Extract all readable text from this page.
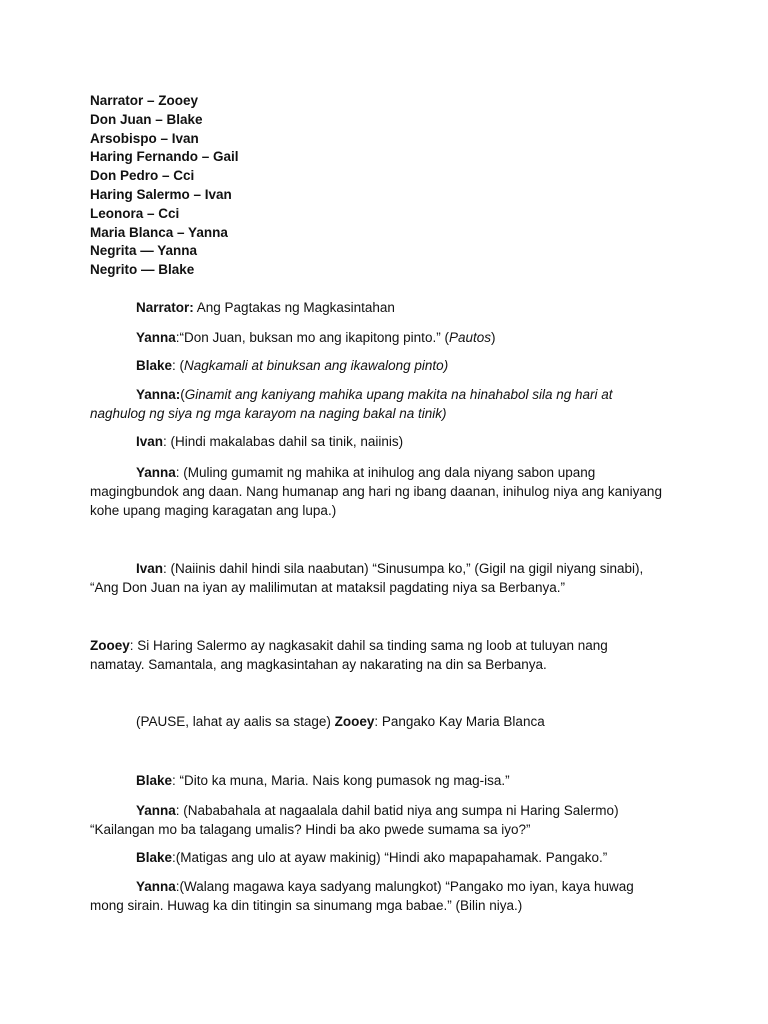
Narrator – Zooey
Don Juan – Blake
Arsobispo – Ivan
Haring Fernando – Gail
Don Pedro – Cci
Haring Salermo – Ivan
Leonora – Cci
Maria Blanca – Yanna
Negrita — Yanna
Negrito — Blake

Narrator: Ang Pagtakas ng Magkasintahan

Yanna:“Don Juan, buksan mo ang ikapitong pinto.” (Pautos)

Blake: (Nagkamali at binuksan ang ikawalong pinto)

Yanna:(Ginamit ang kaniyang mahika upang makita na hinahabol sila ng hari at
naghulog ng siya ng mga karayom na naging bakal na tinik)

Ivan: (Hindi makalabas dahil sa tinik, naiinis)

Yanna: (Muling gumamit ng mahika at inihulog ang dala niyang sabon upang
magingbundok ang daan. Nang humanap ang hari ng ibang daanan, inihulog niya ang kaniyang
kohe upang maging karagatan ang lupa.)

Ivan: (Naiinis dahil hindi sila naabutan) “Sinusumpa ko,” (Gigil na gigil niyang sinabi),
“Ang Don Juan na iyan ay malilimutan at mataksil pagdating niya sa Berbanya.”

Zooey: Si Haring Salermo ay nagkasakit dahil sa tinding sama ng loob at tuluyan nang
namatay. Samantala, ang magkasintahan ay nakarating na din sa Berbanya.

(PAUSE, lahat ay aalis sa stage) Zooey: Pangako Kay Maria Blanca

Blake: “Dito ka muna, Maria. Nais kong pumasok ng mag-isa.”

Yanna: (Nababahala at nagaalala dahil batid niya ang sumpa ni Haring Salermo)
“Kailangan mo ba talagang umalis? Hindi ba ako pwede sumama sa iyo?”

Blake:(Matigas ang ulo at ayaw makinig) “Hindi ako mapapahamak. Pangako.”

Yanna:(Walang magawa kaya sadyang malungkot) “Pangako mo iyan, kaya huwag
mong sirain. Huwag ka din titingin sa sinumang mga babae.” (Bilin niya.)
